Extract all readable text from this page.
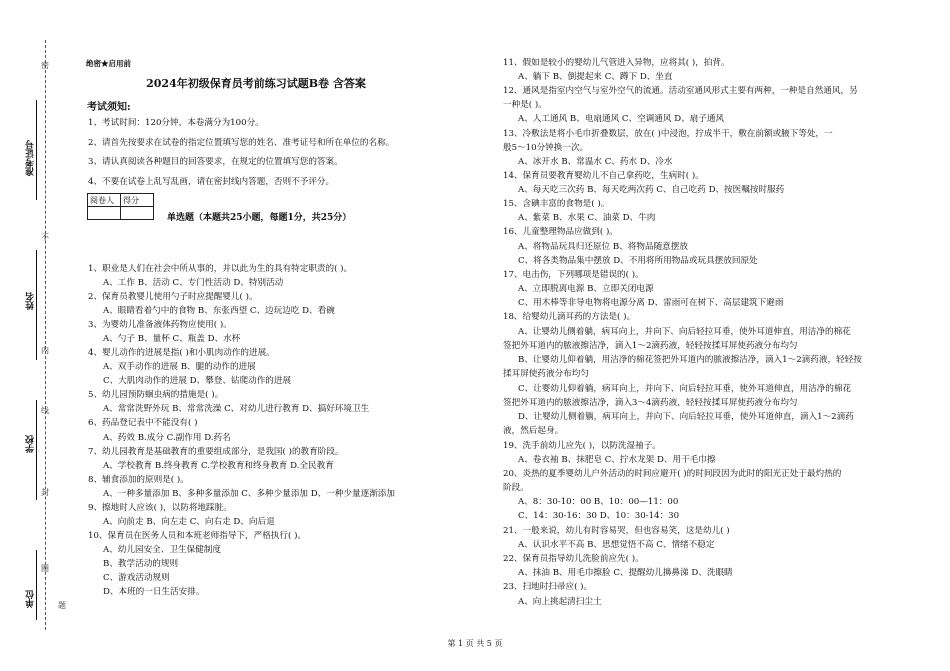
密
不
内
线
封
圈
题
准考证号
姓名
学校
单位
绝密★启用前
2024年初级保育员考前练习试题B卷 含答案
考试须知:
1、考试时间：120分钟，本卷满分为100分。
2、请首先按要求在试卷的指定位置填写您的姓名、准考证号和所在单位的名称。
3、请认真阅读各种题目的回答要求，在规定的位置填写您的答案。
4、不要在试卷上乱写乱画，请在密封线内答题，否则不予评分。
阅卷人	得分

单选题（本题共25小题，每题1分，共25分）
1、职业是人们在社会中所从事的，并以此为生的具有特定职责的( )。
A、工作 B、活动 C、专门性活动 D、特别活动
2、保育员教婴儿使用勺子时应提醒婴儿( )。
A、眼睛看着勺中的食物 B、东张西望 C、边玩边吃 D、看碗
3、为婴幼儿准备液体药物应使用( )。
A、勺子 B、量杯 C、瓶盖 D、水杯
4、婴儿动作的进展是指( )和小肌肉动作的进展。
A、双手动作的进展 B、腿的动作的进展
C、大肌肉动作的进展 D、攀登、钻爬动作的进展
5、幼儿园预防蛔虫病的措施是( )。
A、常常洗野外玩 B、常常洗澡 C、对幼儿进行教育 D、搞好环境卫生
6、药品登记表中不能没有( )
A、药效 B.成分 C.副作用 D.药名
7、幼儿园教育是基础教育的重要组成部分，是我国( )的教育阶段。
A、学校教育 B.终身教育 C.学校教育和终身教育 D.全民教育
8、辅食添加的原则是( )。
A、一种多量添加 B、多种多量添加 C、多种少量添加 D、一种少量逐渐添加
9、擦地时人应该( )，以防将地踩脏。
A、向前走 B、向左走 C、向右走 D、向后退
10、保育员在医务人员和本班老师指导下，严格执行( )。
A、幼儿园安全、卫生保健制度
B、教学活动的规则
C、游戏活动规则
D、本班的一日生活安排。
11、假如是较小的婴幼儿气管进入异物，应将其( )，拍背。
A、躺下 B、倒提起来 C、蹲下 D、坐直
12、通风是指室内空气与室外空气的流通。活动室通风形式主要有两种，一种是自然通风，另
一种是( )。
A、人工通风 B、电扇通风 C、空调通风 D、扇子通风
13、冷敷法是将小毛巾折叠数层，放在( )中浸泡，拧成半干，敷在前额或腋下等处，一
般5～10分钟换一次。
A、冰开水 B、常温水 C、药水 D、冷水
14、保育员要教育婴幼儿不自己拿药吃，生病时( )。
A、每天吃三次药 B、每天吃两次药 C、自己吃药 D、按医嘱按时服药
15、含碘丰富的食物是( )。
A、紫菜 B、水果 C、油菜 D、牛肉
16、儿童整理物品应做到( )。
A、将物品玩具归还原位 B、将物品随意摆放
C、将各类物品集中摆放 D、不用将所用物品或玩具摆放回原处
17、电击伤，下列哪项是错误的( )。
A、立即脱离电源 B、立即关闭电源
C、用木棒等非导电物将电源分离 D、雷雨可在树下、高层建筑下避雨
18、给婴幼儿滴耳药的方法是( )。
A、让婴幼儿侧着躺，病耳向上，并向下、向后轻拉耳垂，使外耳道伸直，用洁净的棉花
签把外耳道内的脓液擦洁净，滴入1～2滴药液，轻轻按揉耳屏使药液分布均匀
B、让婴幼儿仰着躺，用洁净的棉花签把外耳道内的脓液擦洁净，滴入1～2滴药液，轻轻按
揉耳屏使药液分布均匀
C、让婴幼儿仰着躺，病耳向上，并向下、向后轻拉耳垂，使外耳道伸直，用洁净的棉花
签把外耳道内的脓液擦洁净，滴入3～4滴药液，轻轻按揉耳屏使药液分布均匀
D、让婴幼儿侧着躺，病耳向上，并向下、向后轻拉耳垂，使外耳道伸直，滴入1～2滴药
液，然后起身。
19、洗手前幼儿应先( )，以防洗湿袖子。
A、卷衣袖 B、抹肥皂 C、拧水龙架 D、用干毛巾擦
20、炎热的夏季婴幼儿户外活动的时间应避开( )的时间段因为此时的阳光正处于最灼热的
阶段。
A、8：30-10：00 B、10：00—11：00
C、14：30-16：30 D、10：30-14：30
21、一般来说，幼儿有时容易哭，但也容易笑，这是幼儿( )
A、认识水平不高 B、思想觉悟不高 C、情绪不稳定
22、保育员指导幼儿洗脸前应先( )。
A、抹油 B、用毛巾擦脸 C、提醒幼儿擤鼻涕 D、洗眼睛
23、扫地时扫帚应( )。
A、向上挑起清扫尘土
第 1 页 共 5 页
